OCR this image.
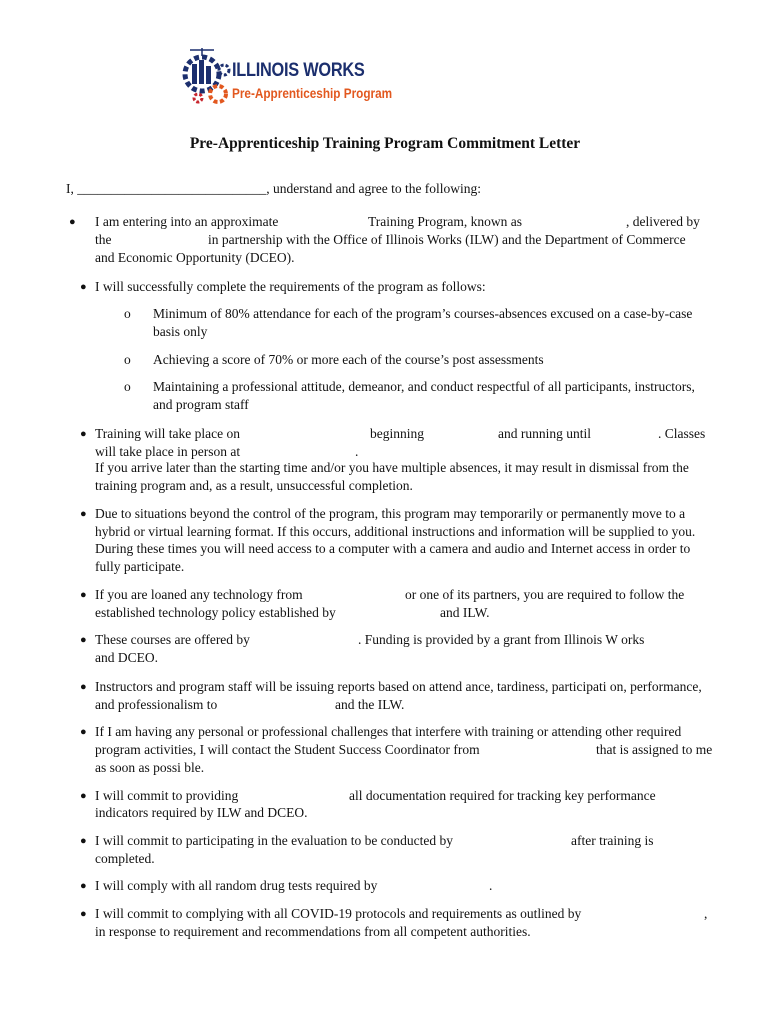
ILLINOIS WORKS
Pre-Apprenticeship Program
Pre-Apprenticeship Training Program Commitment Letter
I, ____________________________, understand and agree to the following:
● I am entering into an approximate	Training Program, known as	, delivered by
the	in partnership with the Office of Illinois Works (ILW) and the Department of Commerce
and Economic Opportunity (DCEO).
● I will successfully complete the requirements of the program as follows:
o Minimum of 80% attendance for each of the program’s courses-absences excused on a case-by-case
basis only
o Achieving a score of 70% or more each of the course’s post assessments
o Maintaining a professional attitude, demeanor, and conduct respectful of all participants, instructors,
and program staff
● Training will take place on	beginning	and running until	. Classes
will take place in person at	.
If you arrive later than the starting time and/or you have multiple absences, it may result in dismissal from the
training program and, as a result, unsuccessful completion.
● Due to situations beyond the control of the program, this program may temporarily or permanently move to a
hybrid or virtual learning format. If this occurs, additional instructions and information will be supplied to you.
During these times you will need access to a computer with a camera and audio and Internet access in order to
fully participate.
● If you are loaned any technology from	or one of its partners, you are required to follow the
established technology policy established by	and ILW.
● These courses are offered by	. Funding is provided by a grant from Illinois W orks
and DCEO.
● Instructors and program staff will be issuing reports based on attend ance, tardiness, participati on, performance,
and professionalism to	and the ILW.
● If I am having any personal or professional challenges that interfere with training or attending other required
program activities, I will contact the Student Success Coordinator from	that is assigned to me
as soon as possi ble.
● I will commit to providing	all documentation required for tracking key performance
indicators required by ILW and DCEO.
● I will commit to participating in the evaluation to be conducted by	after training is
completed.
● I will comply with all random drug tests required by	.
● I will commit to complying with all COVID-19 protocols and requirements as outlined by	,
in response to requirement and recommendations from all competent authorities.
